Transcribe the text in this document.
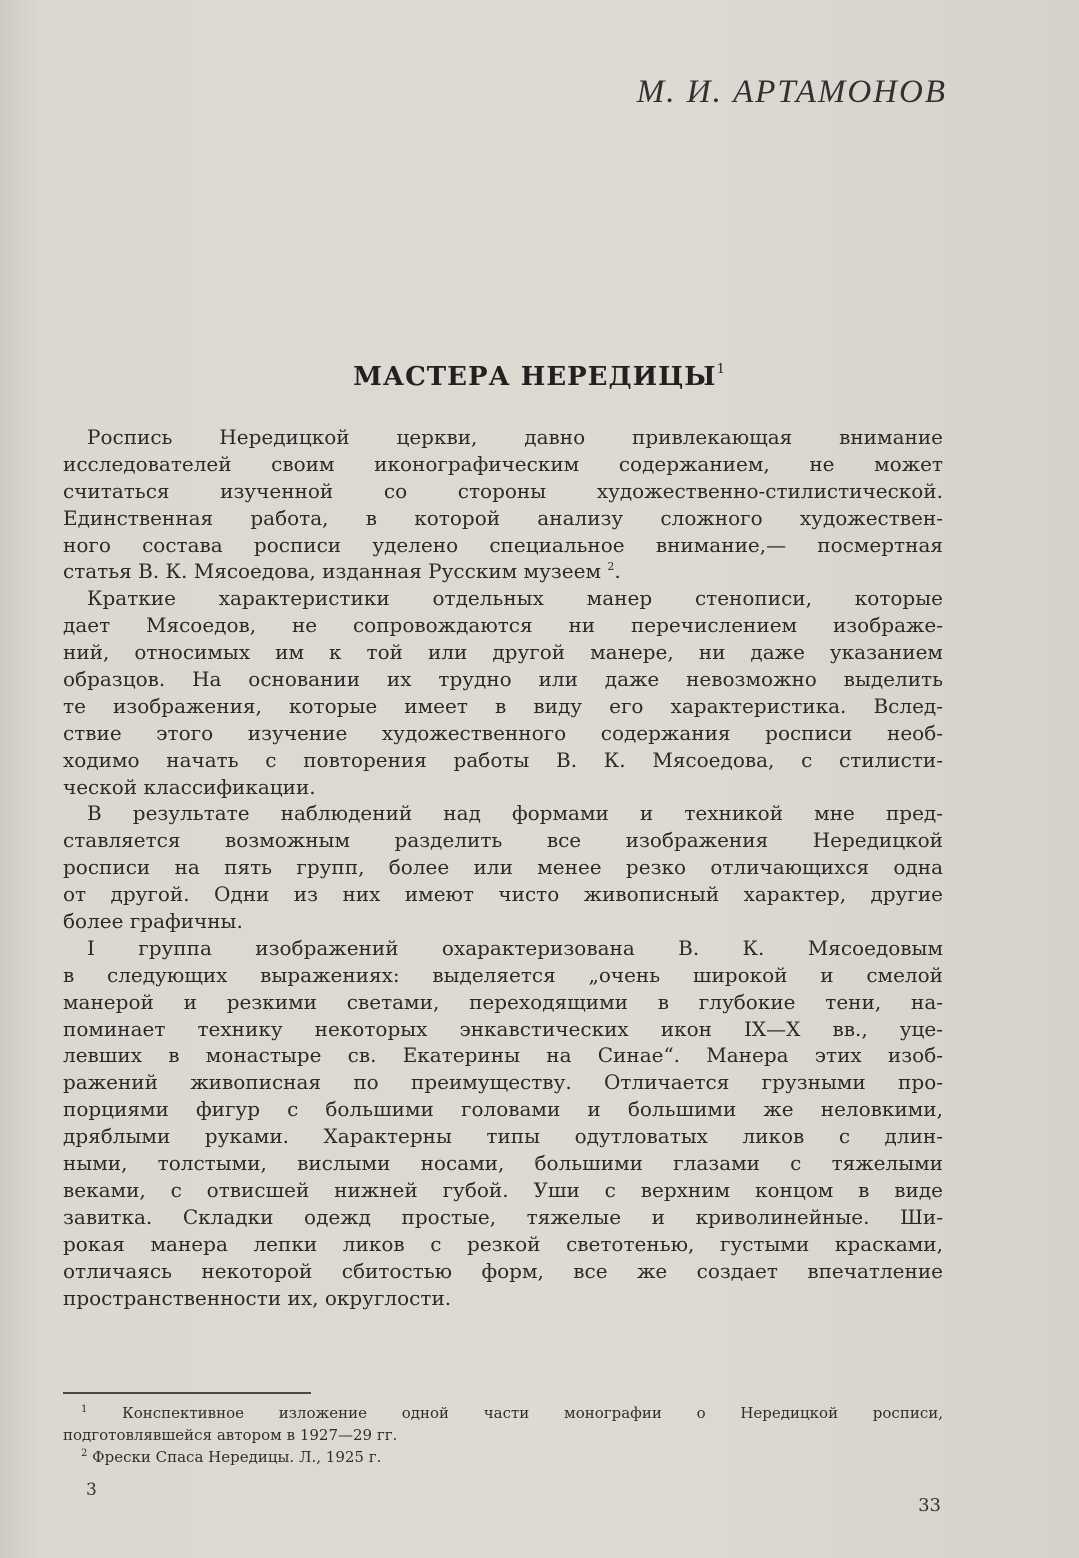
М. И. АРТАМОНОВ
МАСТЕРА НЕРЕДИЦЫ$^1$
Роспись Нередицкой церкви, давно привлекающая внимание
исследователей своим иконографическим содержанием, не может
считаться изученной со стороны художественно-стилистической.
Единственная работа, в которой анализу сложного художествен-
ного состава росписи уделено специальное внимание,— посмертная
статья В. К. Мясоедова, изданная Русским музеем $^2$.
Краткие характеристики отдельных манер стенописи, которые
дает Мясоедов, не сопровождаются ни перечислением изображе-
ний, относимых им к той или другой манере, ни даже указанием
образцов. На основании их трудно или даже невозможно выделить
те изображения, которые имеет в виду его характеристика. Вслед-
ствие этого изучение художественного содержания росписи необ-
ходимо начать с повторения работы В. К. Мясоедова, с стилисти-
ческой классификации.
В результате наблюдений над формами и техникой мне пред-
ставляется возможным разделить все изображения Нередицкой
росписи на пять групп, более или менее резко отличающихся одна
от другой. Одни из них имеют чисто живописный характер, другие
более графичны.
I группа изображений охарактеризована В. К. Мясоедовым
в следующих выражениях: выделяется „очень широкой и смелой
манерой и резкими светами, переходящими в глубокие тени, на-
поминает технику некоторых энкавстических икон IX—X вв., уце-
левших в монастыре св. Екатерины на Синае“. Манера этих изоб-
ражений живописная по преимуществу. Отличается грузными про-
порциями фигур с большими головами и большими же неловкими,
дряблыми руками. Характерны типы одутловатых ликов с длин-
ными, толстыми, вислыми носами, большими глазами с тяжелыми
веками, с отвисшей нижней губой. Уши с верхним концом в виде
завитка. Складки одежд простые, тяжелые и криволинейные. Ши-
рокая манера лепки ликов с резкой светотенью, густыми красками,
отличаясь некоторой сбитостью форм, все же создает впечатление
пространственности их, округлости.
$^1$ Конспективное изложение одной части монографии о Нередицкой росписи,
подготовлявшейся автором в 1927—29 гг.
$^2$ Фрески Спаса Нередицы. Л., 1925 г.
3
33
